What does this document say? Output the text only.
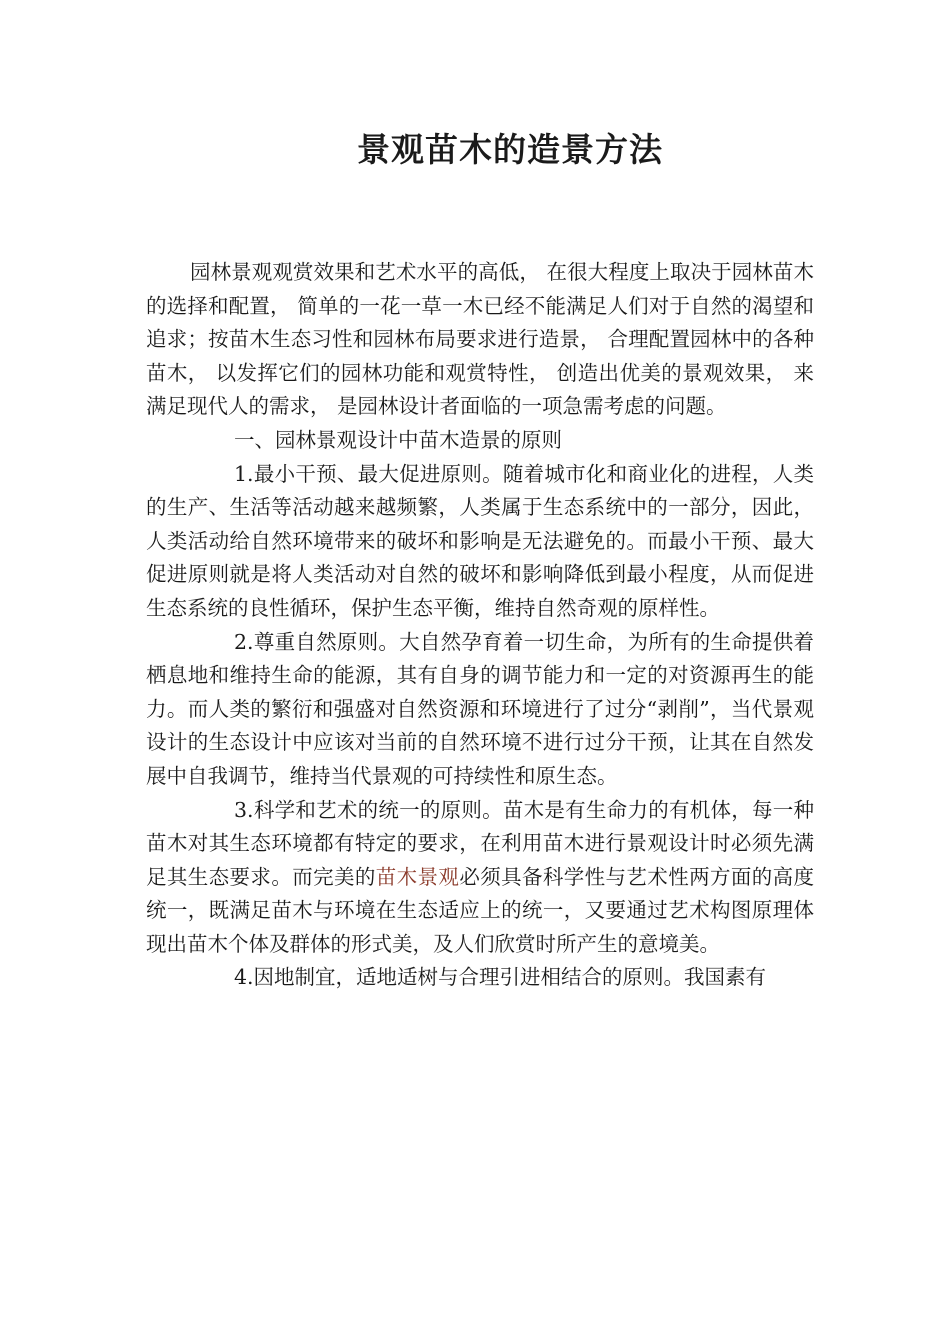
景观苗木的造景方法

园林景观观赏效果和艺术水平的高低， 在很大程度上取决于园林苗木的选择和配置， 简单的一花一草一木已经不能满足人们对于自然的渴望和追求；按苗木生态习性和园林布局要求进行造景， 合理配置园林中的各种苗木， 以发挥它们的园林功能和观赏特性， 创造出优美的景观效果， 来满足现代人的需求， 是园林设计者面临的一项急需考虑的问题。

一、园林景观设计中苗木造景的原则

1.最小干预、最大促进原则。随着城市化和商业化的进程，人类的生产、生活等活动越来越频繁，人类属于生态系统中的一部分，因此，人类活动给自然环境带来的破坏和影响是无法避免的。而最小干预、最大促进原则就是将人类活动对自然的破坏和影响降低到最小程度，从而促进生态系统的良性循环，保护生态平衡，维持自然奇观的原样性。

2.尊重自然原则。大自然孕育着一切生命，为所有的生命提供着栖息地和维持生命的能源，其有自身的调节能力和一定的对资源再生的能力。而人类的繁衍和强盛对自然资源和环境进行了过分“剥削”，当代景观设计的生态设计中应该对当前的自然环境不进行过分干预，让其在自然发展中自我调节，维持当代景观的可持续性和原生态。

3.科学和艺术的统一的原则。苗木是有生命力的有机体，每一种苗木对其生态环境都有特定的要求，在利用苗木进行景观设计时必须先满足其生态要求。而完美的苗木景观必须具备科学性与艺术性两方面的高度统一，既满足苗木与环境在生态适应上的统一，又要通过艺术构图原理体现出苗木个体及群体的形式美，及人们欣赏时所产生的意境美。

4.因地制宜，适地适树与合理引进相结合的原则。我国素有
